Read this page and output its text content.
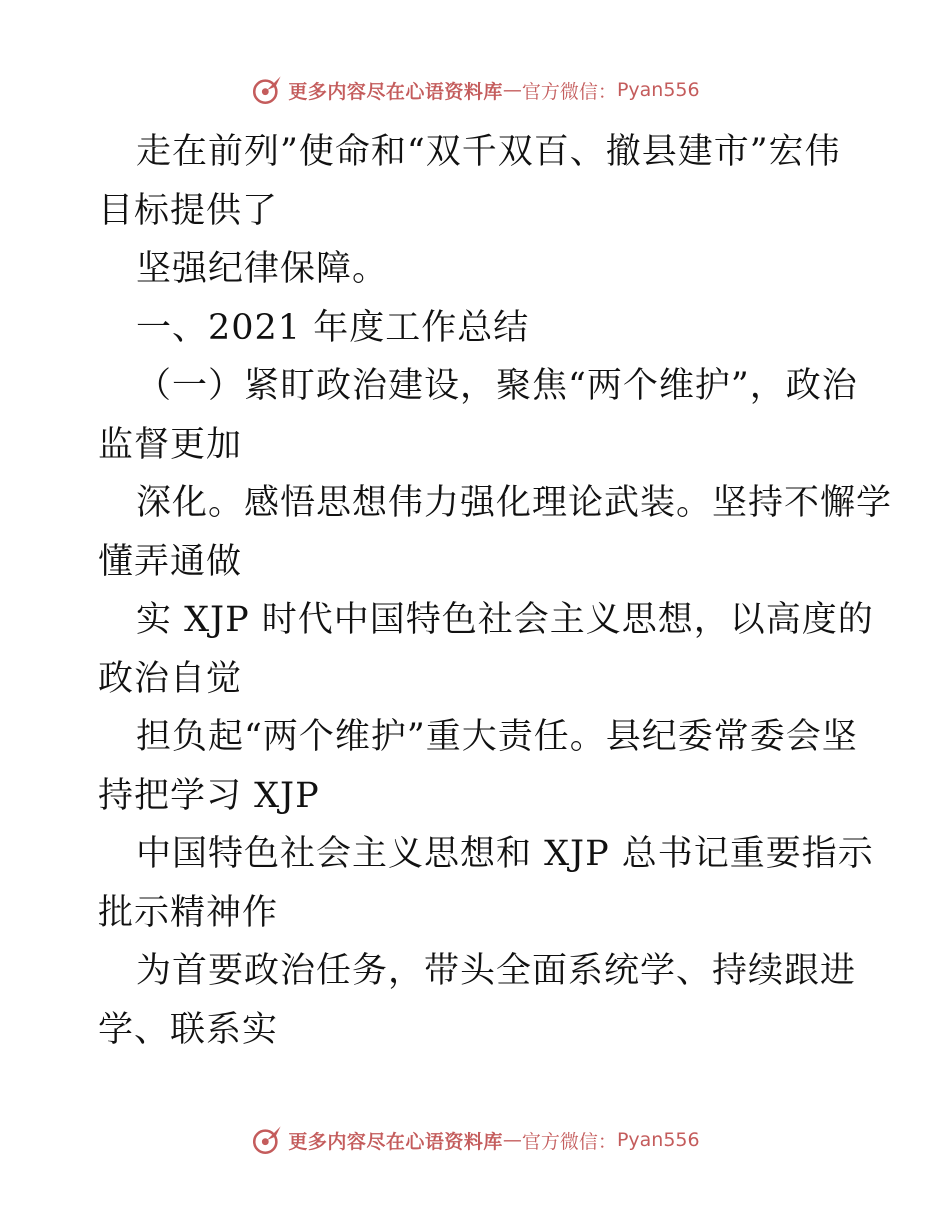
更多内容尽在心语资料库 — 官方微信： Pyan556
走在前列”使命和“双千双百、撤县建市”宏伟
目标提供了
坚强纪律保障。
一、2021 年度工作总结
（一）紧盯政治建设，聚焦“两个维护”，政治
监督更加
深化。感悟思想伟力强化理论武装。坚持不懈学
懂弄通做
实 XJP 时代中国特色社会主义思想，以高度的
政治自觉
担负起“两个维护”重大责任。县纪委常委会坚
持把学习 XJP
中国特色社会主义思想和 XJP 总书记重要指示
批示精神作
为首要政治任务，带头全面系统学、持续跟进
学、联系实
更多内容尽在心语资料库 — 官方微信： Pyan556
